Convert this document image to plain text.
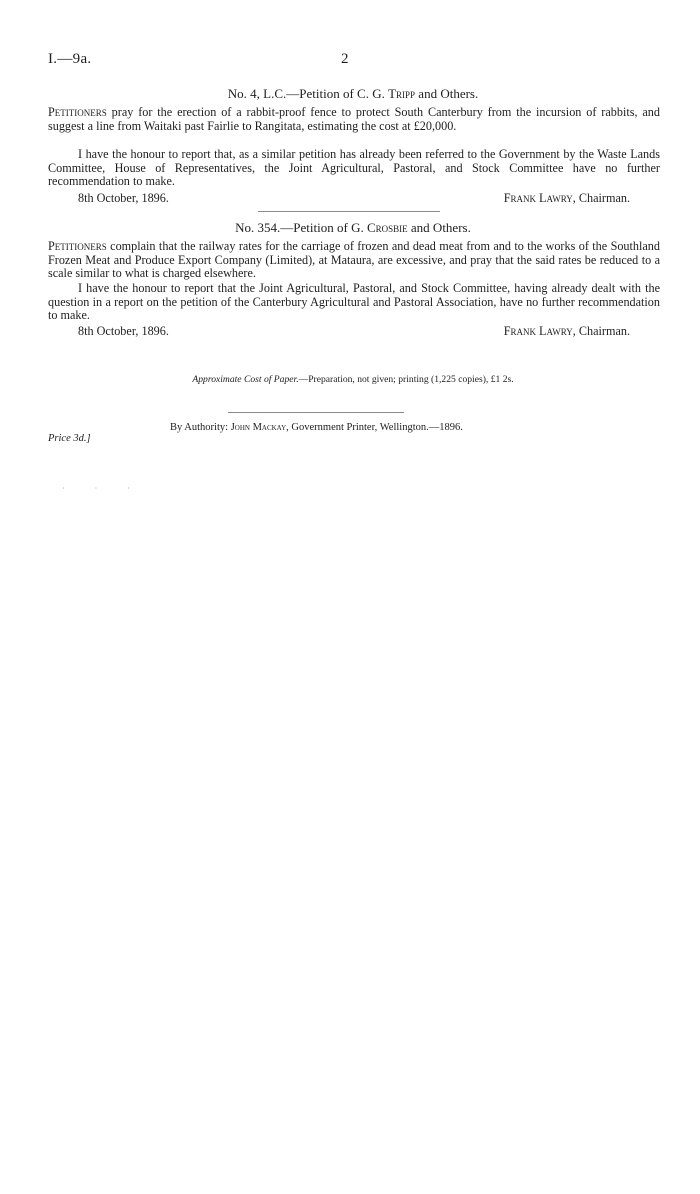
I.—9a.	2
No. 4, L.C.—Petition of C. G. Tripp and Others.

Petitioners pray for the erection of a rabbit-proof fence to protect South Canterbury from the incursion of rabbits, and suggest a line from Waitaki past Fairlie to Rangitata, estimating the cost at £20,000.

I have the honour to report that, as a similar petition has already been referred to the Government by the Waste Lands Committee, House of Representatives, the Joint Agricultural, Pastoral, and Stock Committee have no further recommendation to make.

8th October, 1896.	Frank Lawry, Chairman.
No. 354.—Petition of G. Crosbie and Others.

Petitioners complain that the railway rates for the carriage of frozen and dead meat from and to the works of the Southland Frozen Meat and Produce Export Company (Limited), at Mataura, are excessive, and pray that the said rates be reduced to a scale similar to what is charged elsewhere.

I have the honour to report that the Joint Agricultural, Pastoral, and Stock Committee, having already dealt with the question in a report on the petition of the Canterbury Agricultural and Pastoral Association, have no further recommendation to make.

8th October, 1896.	Frank Lawry, Chairman.
Approximate Cost of Paper.—Preparation, not given; printing (1,225 copies), £1 2s.
By Authority: John Mackay, Government Printer, Wellington.—1896.
Price 3d.]
· · ·
